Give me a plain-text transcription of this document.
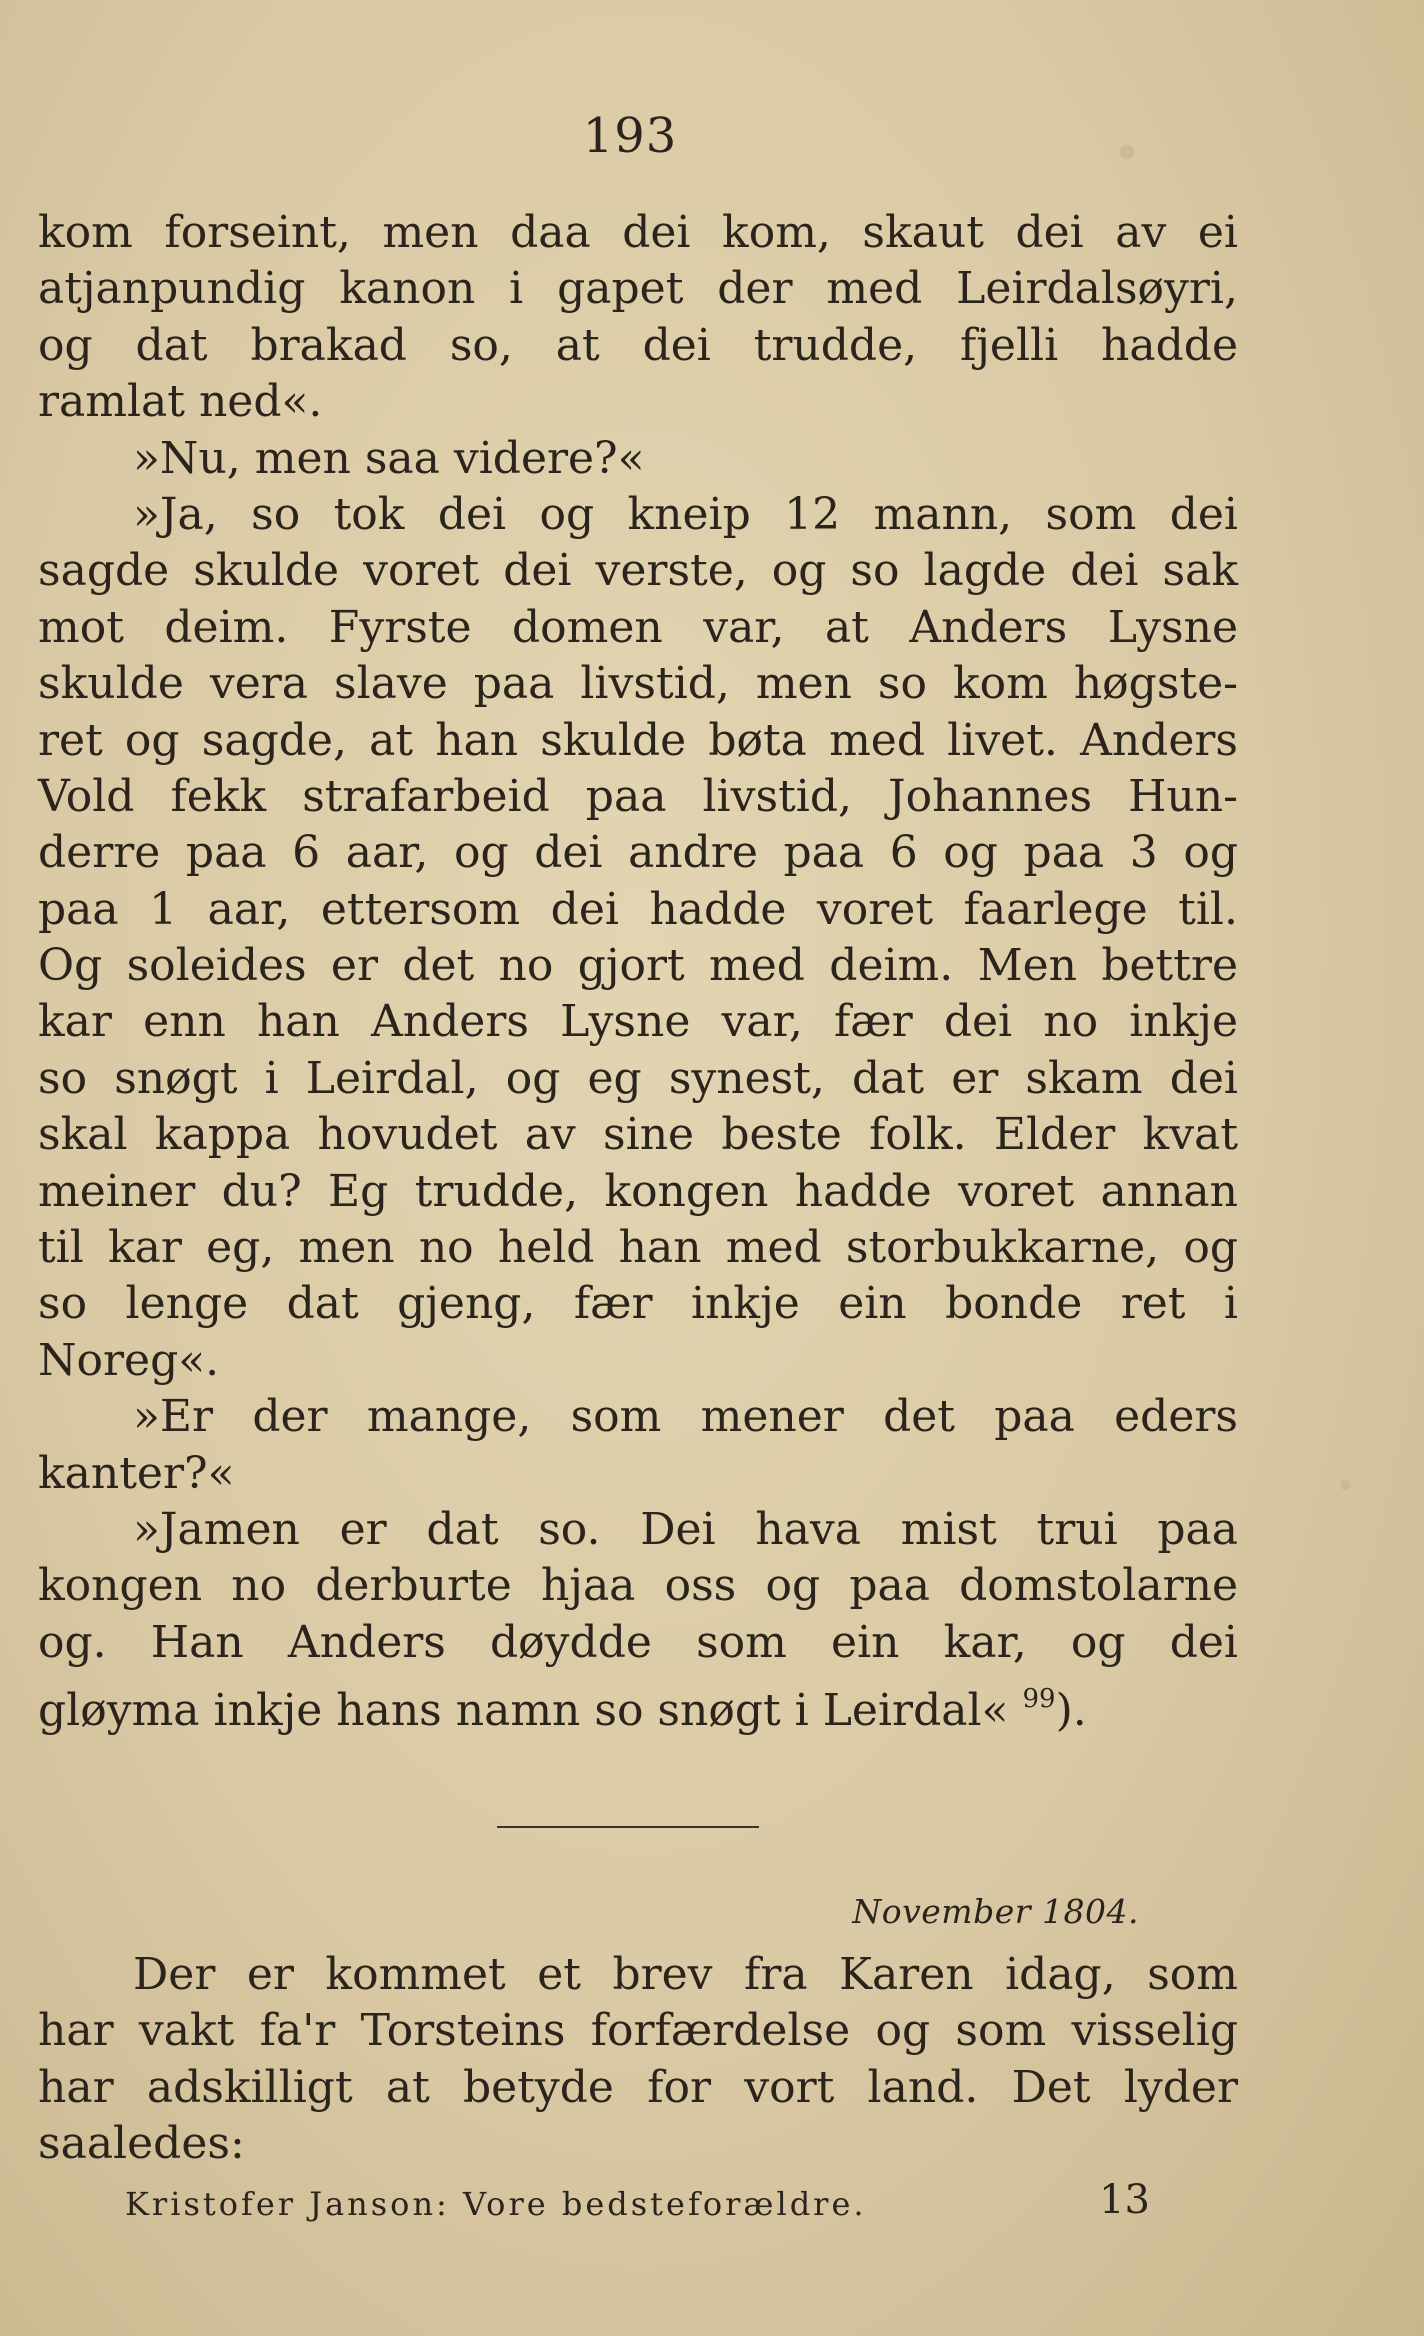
193
kom forseint, men daa dei kom, skaut dei av ei
atjanpundig kanon i gapet der med Leirdalsøyri,
og dat brakad so, at dei trudde, fjelli hadde
ramlat ned«.
»Nu, men saa videre?«
»Ja, so tok dei og kneip 12 mann, som dei
sagde skulde voret dei verste, og so lagde dei sak
mot deim. Fyrste domen var, at Anders Lysne
skulde vera slave paa livstid, men so kom høgste-
ret og sagde, at han skulde bøta med livet. Anders
Vold fekk strafarbeid paa livstid, Johannes Hun-
derre paa 6 aar, og dei andre paa 6 og paa 3 og
paa 1 aar, ettersom dei hadde voret faarlege til.
Og soleides er det no gjort med deim. Men bettre
kar enn han Anders Lysne var, fær dei no inkje
so snøgt i Leirdal, og eg synest, dat er skam dei
skal kappa hovudet av sine beste folk. Elder kvat
meiner du? Eg trudde, kongen hadde voret annan
til kar eg, men no held han med storbukkarne, og
so lenge dat gjeng, fær inkje ein bonde ret i
Noreg«.
»Er der mange, som mener det paa eders
kanter?«
»Jamen er dat so. Dei hava mist trui paa
kongen no derburte hjaa oss og paa domstolarne
og. Han Anders døydde som ein kar, og dei
gløyma inkje hans namn so snøgt i Leirdal« $^{99}$).
November 1804.
Der er kommet et brev fra Karen idag, som
har vakt fa'r Torsteins forfærdelse og som visselig
har adskilligt at betyde for vort land. Det lyder
saaledes:
Kristofer Janson: Vore bedsteforældre.	13
